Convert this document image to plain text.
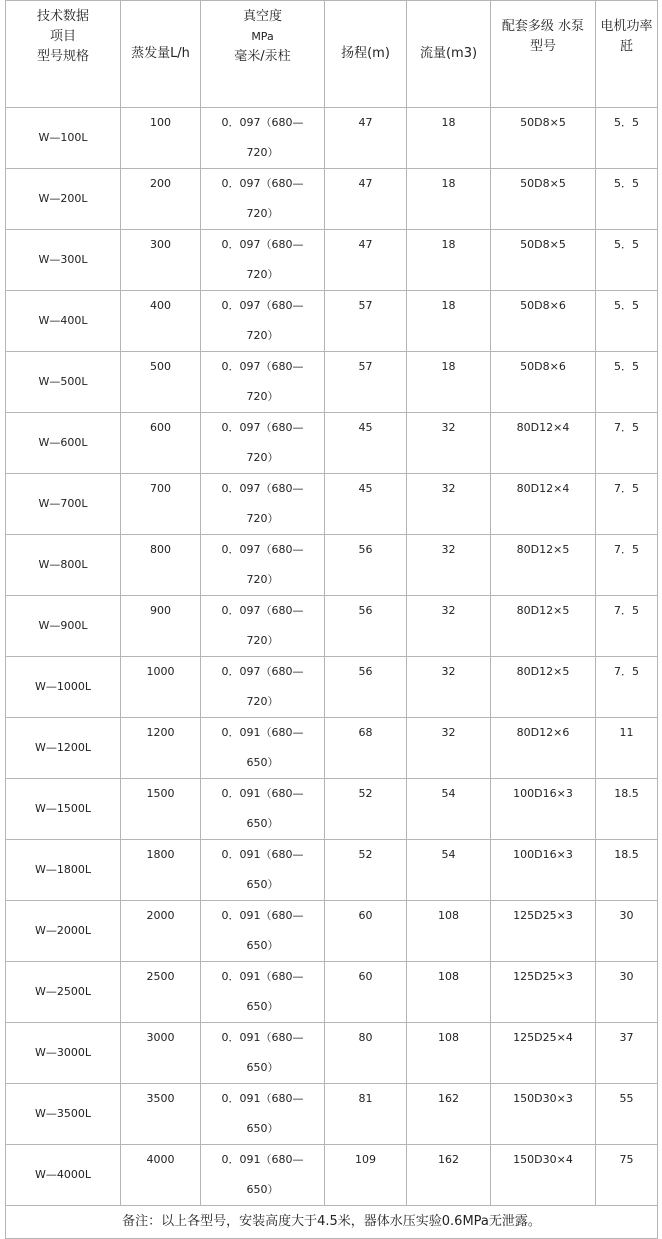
技术数据
项目
型号规格	蒸发量L/h	真空度
MPa
毫米/汞柱	扬程(m)	流量(m3)	配套多级 水泵
型号	电机功率
瓩

W—100L	100	0．097（680—
720）	47	18	50D8×5	5．5
W—200L	200	0．097（680—
720）	47	18	50D8×5	5．5
W—300L	300	0．097（680—
720）	47	18	50D8×5	5．5
W—400L	400	0．097（680—
720）	57	18	50D8×6	5．5
W—500L	500	0．097（680—
720）	57	18	50D8×6	5．5
W—600L	600	0．097（680—
720）	45	32	80D12×4	7．5
W—700L	700	0．097（680—
720）	45	32	80D12×4	7．5
W—800L	800	0．097（680—
720）	56	32	80D12×5	7．5
W—900L	900	0．097（680—
720）	56	32	80D12×5	7．5
W—1000L	1000	0．097（680—
720）	56	32	80D12×5	7．5
W—1200L	1200	0．091（680—
650）	68	32	80D12×6	11
W—1500L	1500	0．091（680—
650）	52	54	100D16×3	18.5
W—1800L	1800	0．091（680—
650）	52	54	100D16×3	18.5
W—2000L	2000	0．091（680—
650）	60	108	125D25×3	30
W—2500L	2500	0．091（680—
650）	60	108	125D25×3	30
W—3000L	3000	0．091（680—
650）	80	108	125D25×4	37
W—3500L	3500	0．091（680—
650）	81	162	150D30×3	55
W—4000L	4000	0．091（680—
650）	109	162	150D30×4	75
备注：以上各型号，安装高度大于4.5米，器体水压实验0.6MPa无泄露。						
